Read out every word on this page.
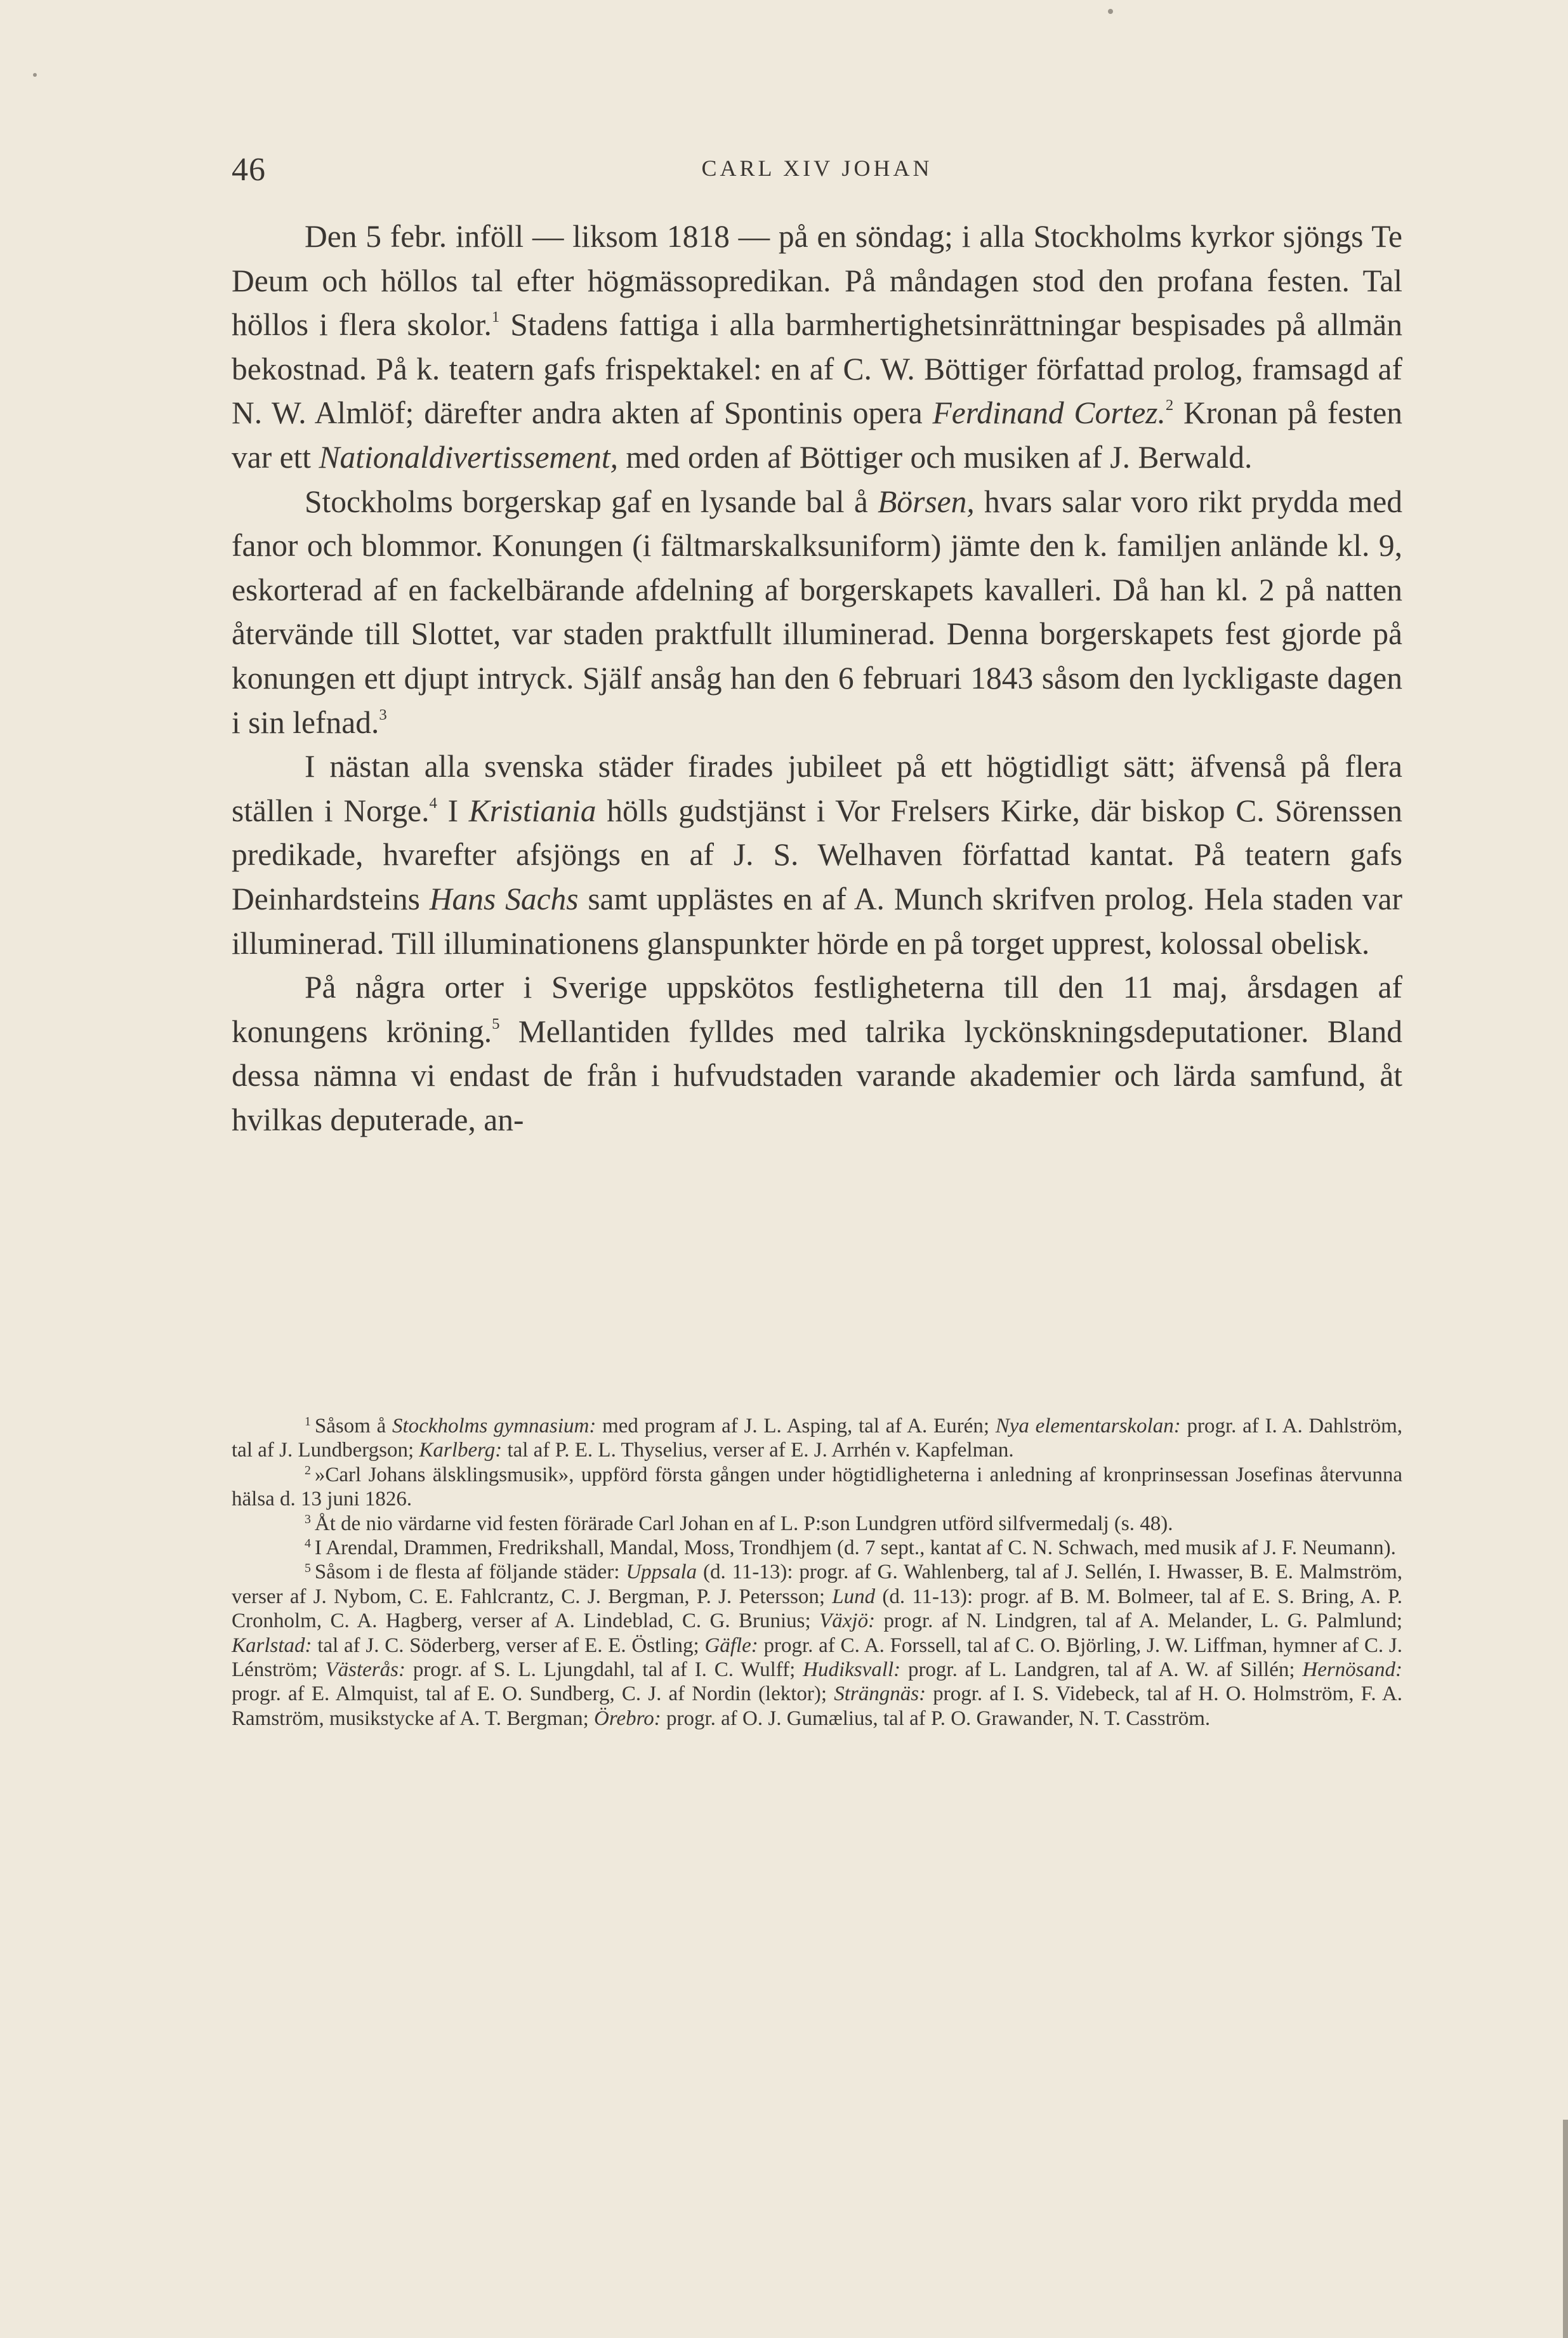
46	CARL XIV JOHAN

Den 5 febr. inföll — liksom 1818 — på en söndag; i alla Stockholms kyrkor sjöngs Te Deum och höllos tal efter högmässopredikan. På måndagen stod den profana festen. Tal höllos i flera skolor.$^1$ Stadens fattiga i alla barmhertighetsinrättningar bespisades på allmän bekostnad. På k. teatern gafs frispektakel: en af C. W. Böttiger författad prolog, framsagd af N. W. Almlöf; därefter andra akten af Spontinis opera Ferdinand Cortez.$^2$ Kronan på festen var ett Nationaldivertissement, med orden af Böttiger och musiken af J. Berwald.

Stockholms borgerskap gaf en lysande bal å Börsen, hvars salar voro rikt prydda med fanor och blommor. Konungen (i fältmarskalksuniform) jämte den k. familjen anlände kl. 9, eskorterad af en fackelbärande afdelning af borgerskapets kavalleri. Då han kl. 2 på natten återvände till Slottet, var staden praktfullt illuminerad. Denna borgerskapets fest gjorde på konungen ett djupt intryck. Själf ansåg han den 6 februari 1843 såsom den lyckligaste dagen i sin lefnad.$^3$

I nästan alla svenska städer firades jubileet på ett högtidligt sätt; äfvenså på flera ställen i Norge.$^4$ I Kristiania hölls gudstjänst i Vor Frelsers Kirke, där biskop C. Sörenssen predikade, hvarefter afsjöngs en af J. S. Welhaven författad kantat. På teatern gafs Deinhardsteins Hans Sachs samt upplästes en af A. Munch skrifven prolog. Hela staden var illuminerad. Till illuminationens glanspunkter hörde en på torget upprest, kolossal obelisk.

På några orter i Sverige uppskötos festligheterna till den 11 maj, årsdagen af konungens kröning.$^5$ Mellantiden fylldes med talrika lyckönskningsdeputationer. Bland dessa nämna vi endast de från i hufvudstaden varande akademier och lärda samfund, åt hvilkas deputerade, an-

$^1$ Såsom å Stockholms gymnasium: med program af J. L. Asping, tal af A. Eurén; Nya elementarskolan: progr. af I. A. Dahlström, tal af J. Lundbergson; Karlberg: tal af P. E. L. Thyselius, verser af E. J. Arrhén v. Kapfelman.

$^2$ »Carl Johans älsklingsmusik», uppförd första gången under högtidligheterna i anledning af kronprinsessan Josefinas återvunna hälsa d. 13 juni 1826.

$^3$ Åt de nio värdarne vid festen förärade Carl Johan en af L. P:son Lundgren utförd silfvermedalj (s. 48).

$^4$ I Arendal, Drammen, Fredrikshall, Mandal, Moss, Trondhjem (d. 7 sept., kantat af C. N. Schwach, med musik af J. F. Neumann).

$^5$ Såsom i de flesta af följande städer: Uppsala (d. 11-13): progr. af G. Wahlenberg, tal af J. Sellén, I. Hwasser, B. E. Malmström, verser af J. Nybom, C. E. Fahlcrantz, C. J. Bergman, P. J. Petersson; Lund (d. 11-13): progr. af B. M. Bolmeer, tal af E. S. Bring, A. P. Cronholm, C. A. Hagberg, verser af A. Lindeblad, C. G. Brunius; Växjö: progr. af N. Lindgren, tal af A. Melander, L. G. Palmlund; Karlstad: tal af J. C. Söderberg, verser af E. E. Östling; Gäfle: progr. af C. A. Forssell, tal af C. O. Björling, J. W. Liffman, hymner af C. J. Lénström; Västerås: progr. af S. L. Ljungdahl, tal af I. C. Wulff; Hudiksvall: progr. af L. Landgren, tal af A. W. af Sillén; Hernösand: progr. af E. Almquist, tal af E. O. Sundberg, C. J. af Nordin (lektor); Strängnäs: progr. af I. S. Videbeck, tal af H. O. Holmström, F. A. Ramström, musikstycke af A. T. Bergman; Örebro: progr. af O. J. Gumælius, tal af P. O. Grawander, N. T. Casström.
